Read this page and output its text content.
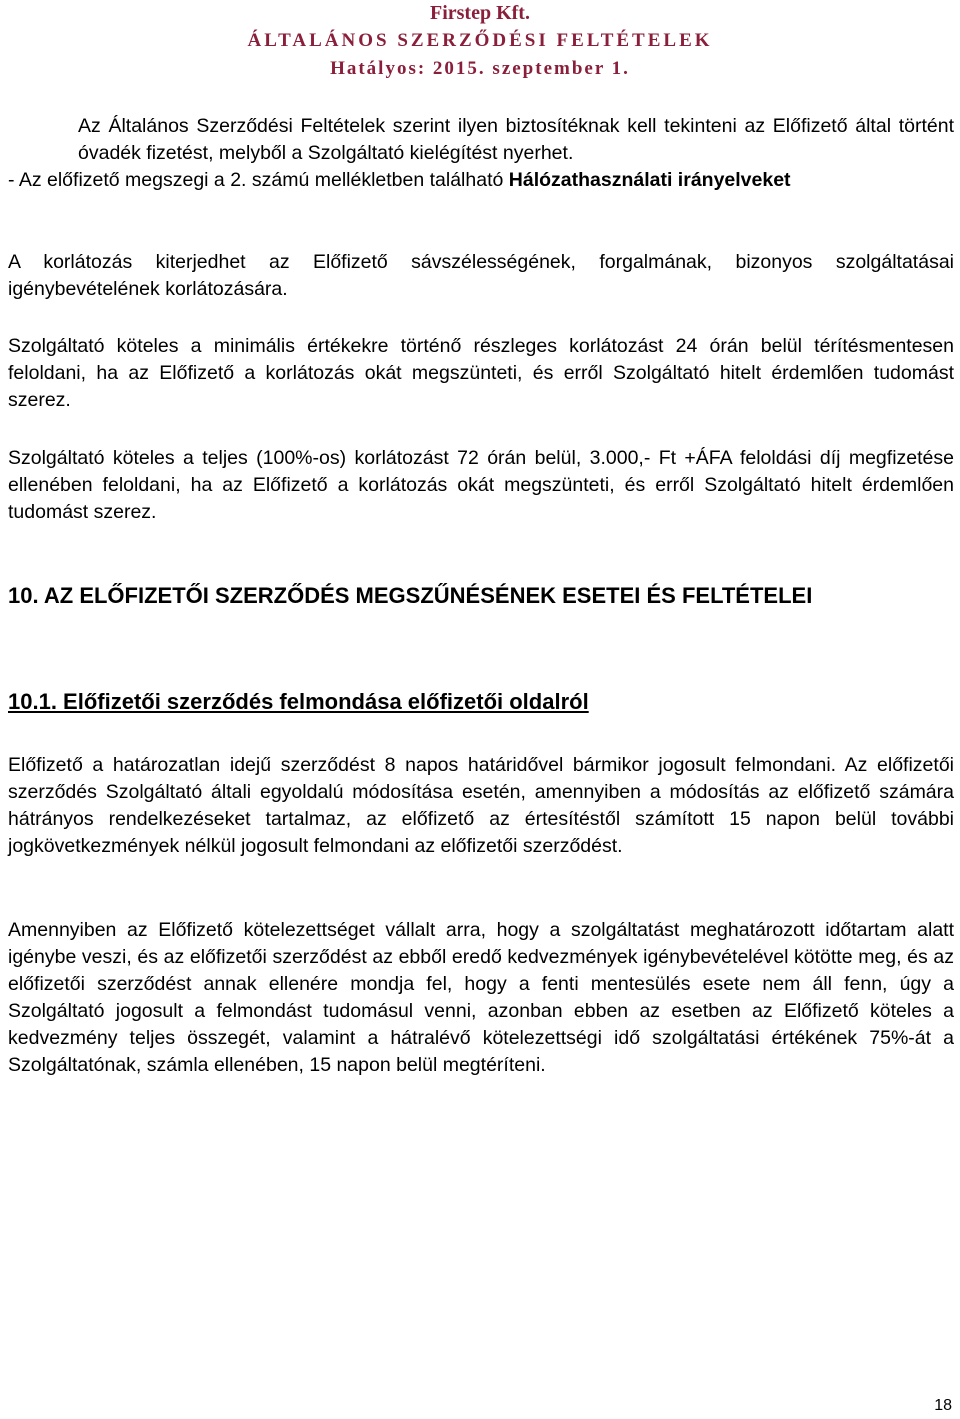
Firstep Kft.
ÁLTALÁNOS SZERZŐDÉSI FELTÉTELEK
Hatályos: 2015. szeptember 1.
Az Általános Szerződési Feltételek szerint ilyen biztosítéknak kell tekinteni az Előfizető által történt óvadék fizetést, melyből a Szolgáltató kielégítést nyerhet.
- Az előfizető megszegi a 2. számú mellékletben található Hálózathasználati irányelveket
A korlátozás kiterjedhet az Előfizető sávszélességének, forgalmának, bizonyos szolgáltatásai igénybevételének korlátozására.
Szolgáltató köteles a minimális értékekre történő részleges korlátozást 24 órán belül térítésmentesen feloldani, ha az Előfizető a korlátozás okát megszünteti, és erről Szolgáltató hitelt érdemlően tudomást szerez.
Szolgáltató köteles a teljes (100%-os) korlátozást 72 órán belül, 3.000,- Ft +ÁFA feloldási díj megfizetése ellenében feloldani, ha az Előfizető a korlátozás okát megszünteti, és erről Szolgáltató hitelt érdemlően tudomást szerez.
10. AZ ELŐFIZETŐI SZERZŐDÉS MEGSZŰNÉSÉNEK ESETEI ÉS FELTÉTELEI
10.1. Előfizetői szerződés felmondása előfizetői oldalról
Előfizető a határozatlan idejű szerződést 8 napos határidővel bármikor jogosult felmondani. Az előfizetői szerződés Szolgáltató általi egyoldalú módosítása esetén, amennyiben a módosítás az előfizető számára hátrányos rendelkezéseket tartalmaz, az előfizető az értesítéstől számított 15 napon belül további jogkövetkezmények nélkül jogosult felmondani az előfizetői szerződést.
Amennyiben az Előfizető kötelezettséget vállalt arra, hogy a szolgáltatást meghatározott időtartam alatt igénybe veszi, és az előfizetői szerződést az ebből eredő kedvezmények igénybevételével kötötte meg, és az előfizetői szerződést annak ellenére mondja fel, hogy a fenti mentesülés esete nem áll fenn, úgy a Szolgáltató jogosult a felmondást tudomásul venni, azonban ebben az esetben az Előfizető köteles a kedvezmény teljes összegét, valamint a hátralévő kötelezettségi idő szolgáltatási értékének 75%-át a Szolgáltatónak, számla ellenében, 15 napon belül megtéríteni.
18
